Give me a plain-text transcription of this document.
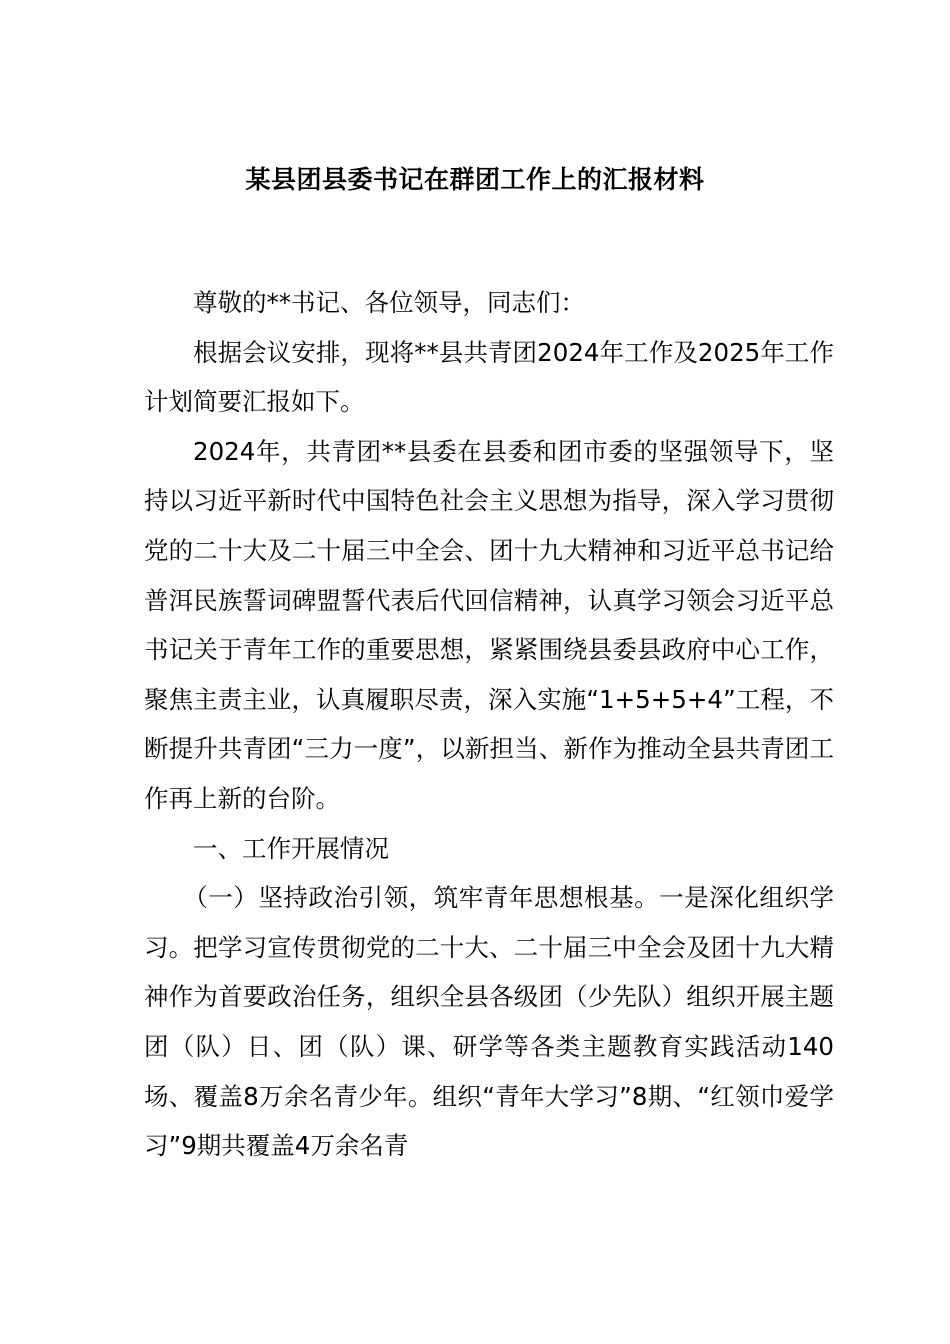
某县团县委书记在群团工作上的汇报材料

尊敬的**书记、各位领导，同志们：

根据会议安排，现将**县共青团2024年工作及2025年工作计划简要汇报如下。

2024年，共青团**县委在县委和团市委的坚强领导下，坚持以习近平新时代中国特色社会主义思想为指导，深入学习贯彻党的二十大及二十届三中全会、团十九大精神和习近平总书记给普洱民族誓词碑盟誓代表后代回信精神，认真学习领会习近平总书记关于青年工作的重要思想，紧紧围绕县委县政府中心工作，聚焦主责主业，认真履职尽责，深入实施“1+5+5+4”工程，不断提升共青团“三力一度”，以新担当、新作为推动全县共青团工作再上新的台阶。

一、工作开展情况

（一）坚持政治引领，筑牢青年思想根基。一是深化组织学习。把学习宣传贯彻党的二十大、二十届三中全会及团十九大精神作为首要政治任务，组织全县各级团（少先队）组织开展主题团（队）日、团（队）课、研学等各类主题教育实践活动140场、覆盖8万余名青少年。组织“青年大学习”8期、“红领巾爱学习”9期共覆盖4万余名青
